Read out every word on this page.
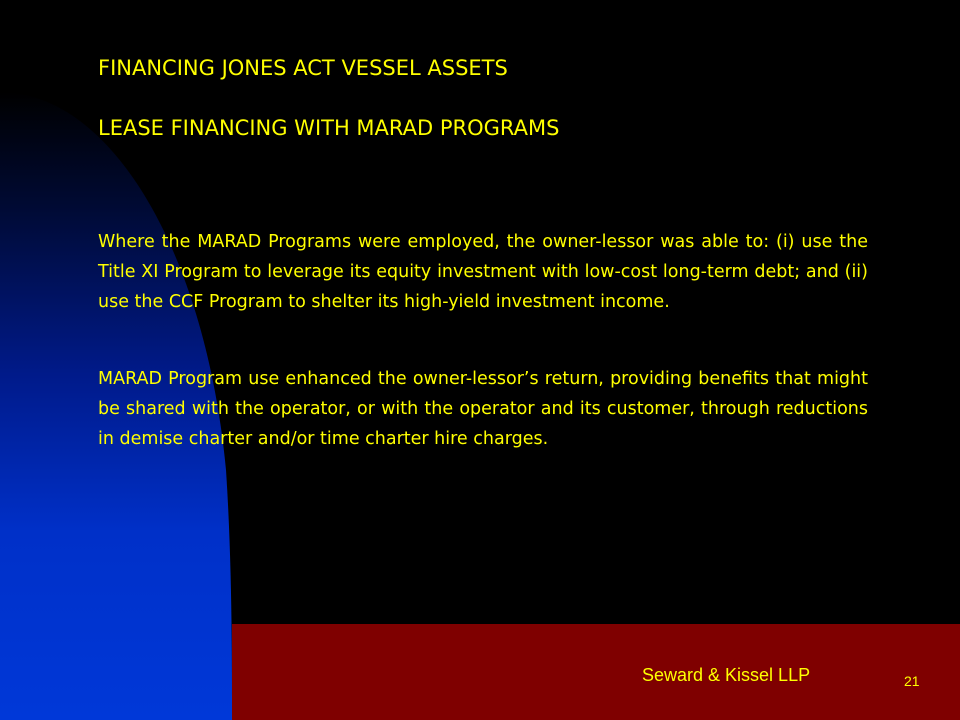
FINANCING JONES ACT VESSEL ASSETS

LEASE FINANCING WITH MARAD PROGRAMS

Where the MARAD Programs were employed, the owner-lessor was able to: (i) use the Title XI Program to leverage its equity investment with low-cost long-term debt; and (ii) use the CCF Program to shelter its high-yield investment income.

MARAD Program use enhanced the owner-lessor’s return, providing benefits that might be shared with the operator, or with the operator and its customer, through reductions in demise charter and/or time charter hire charges.

Seward & Kissel LLP	21
